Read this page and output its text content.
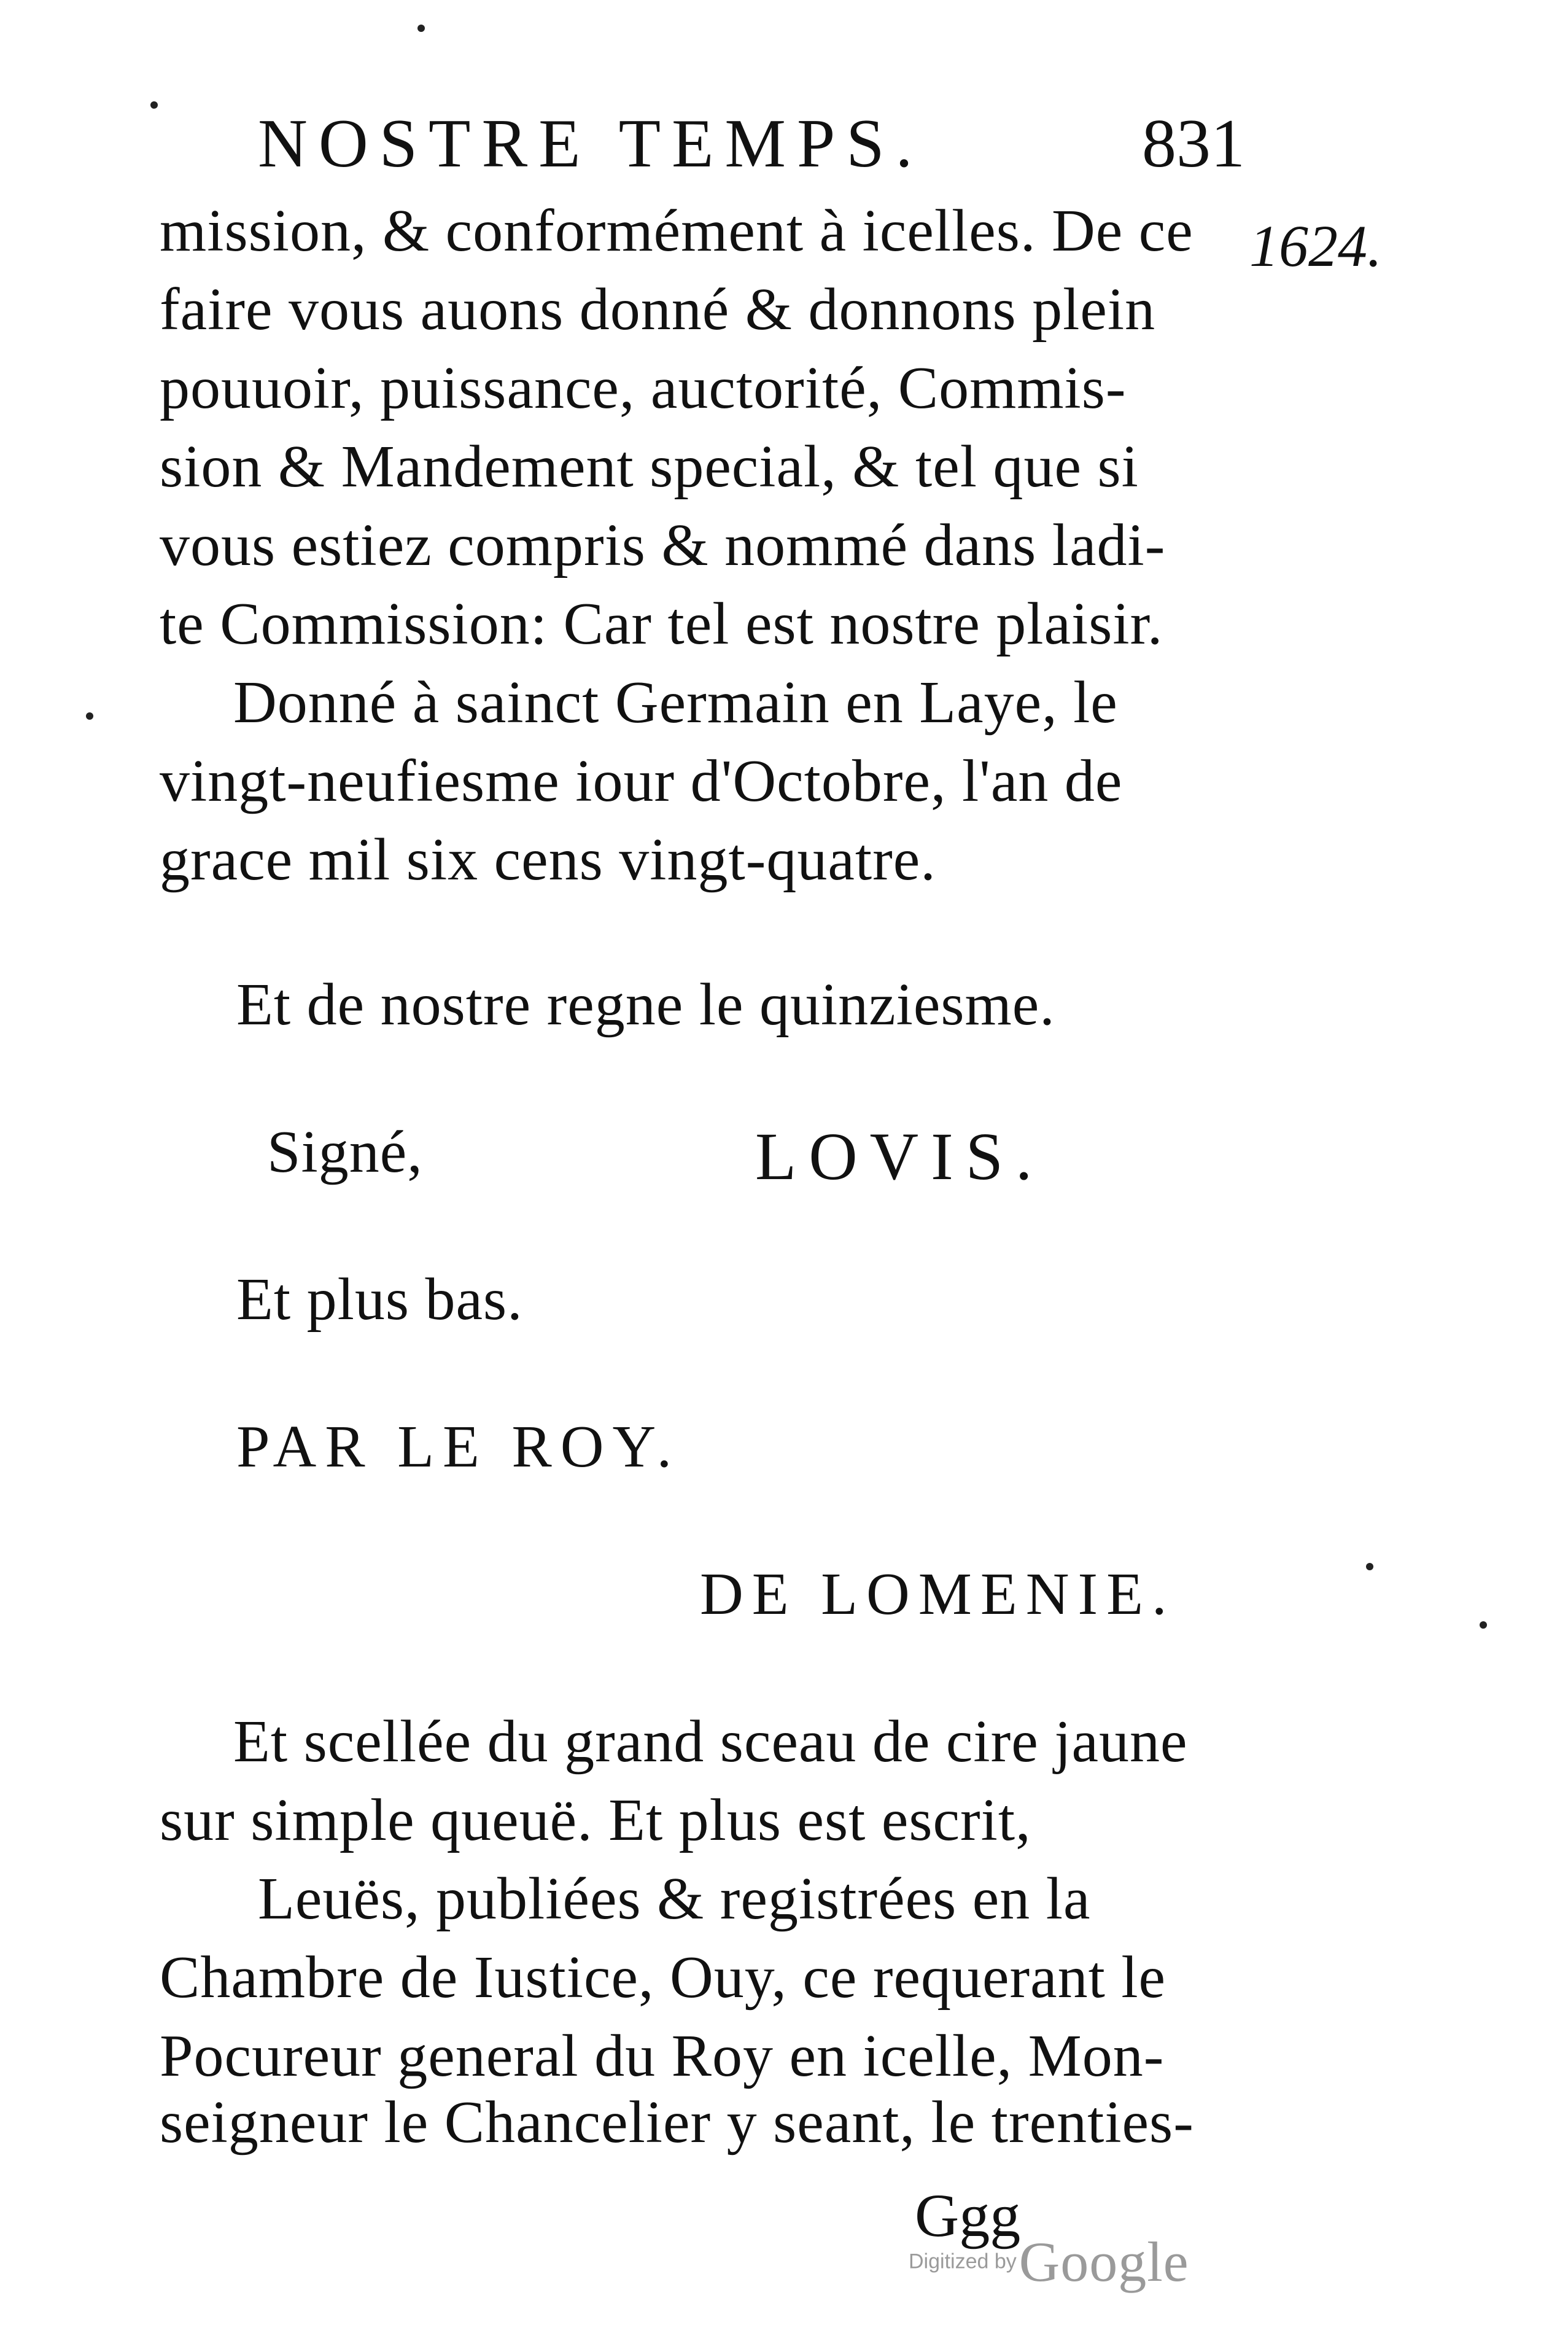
NOSTRE TEMPS.	831
1624.
mission, & conformément à icelles. De ce
faire vous auons donné & donnons plein
pouuoir, puissance, auctorité, Commis-
sion & Mandement special, & tel que si
vous estiez compris & nommé dans ladi-
te Commission: Car tel est nostre plaisir.
Donné à sainct Germain en Laye, le
vingt-neufiesme iour d'Octobre, l'an de
grace mil six cens vingt-quatre.
Et de nostre regne le quinziesme.
Signé,	LOVIS.
Et plus bas.
PAR LE ROY.
DE LOMENIE.
Et scellée du grand sceau de cire jaune
sur simple queuë. Et plus est escrit,
Leuës, publiées & registrées en la
Chambre de Iustice, Ouy, ce requerant le
Pocureur general du Roy en icelle, Mon-
Ggg
Digitized by Google
seigneur le Chancelier y seant, le trenties-
